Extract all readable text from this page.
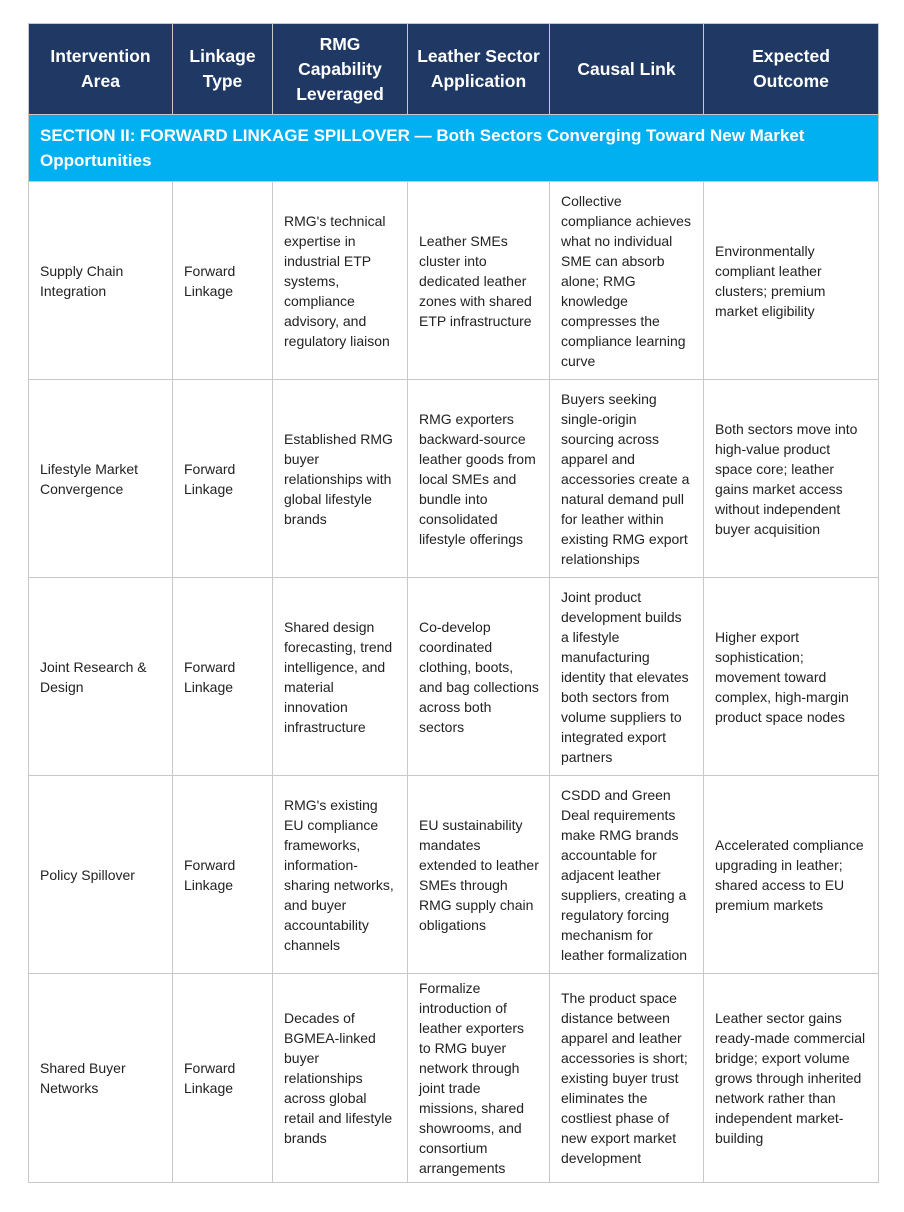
Intervention Area	Linkage Type	RMG Capability Leveraged	Leather Sector Application	Causal Link	Expected Outcome
SECTION II: FORWARD LINKAGE SPILLOVER — Both Sectors Converging Toward New Market Opportunities					
Supply Chain Integration	Forward Linkage	RMG's technical expertise in industrial ETP systems, compliance advisory, and regulatory liaison	Leather SMEs cluster into dedicated leather zones with shared ETP infrastructure	Collective compliance achieves what no individual SME can absorb alone; RMG knowledge compresses the compliance learning curve	Environmentally compliant leather clusters; premium market eligibility
Lifestyle Market Convergence	Forward Linkage	Established RMG buyer relationships with global lifestyle brands	RMG exporters backward-source leather goods from local SMEs and bundle into consolidated lifestyle offerings	Buyers seeking single-origin sourcing across apparel and accessories create a natural demand pull for leather within existing RMG export relationships	Both sectors move into high-value product space core; leather gains market access without independent buyer acquisition
Joint Research & Design	Forward Linkage	Shared design forecasting, trend intelligence, and material innovation infrastructure	Co-develop coordinated clothing, boots, and bag collections across both sectors	Joint product development builds a lifestyle manufacturing identity that elevates both sectors from volume suppliers to integrated export partners	Higher export sophistication; movement toward complex, high-margin product space nodes
Policy Spillover	Forward Linkage	RMG's existing EU compliance frameworks, information-sharing networks, and buyer accountability channels	EU sustainability mandates extended to leather SMEs through RMG supply chain obligations	CSDD and Green Deal requirements make RMG brands accountable for adjacent leather suppliers, creating a regulatory forcing mechanism for leather formalization	Accelerated compliance upgrading in leather; shared access to EU premium markets
Shared Buyer Networks	Forward Linkage	Decades of BGMEA-linked buyer relationships across global retail and lifestyle brands	Formalize introduction of leather exporters to RMG buyer network through joint trade missions, shared showrooms, and consortium arrangements	The product space distance between apparel and leather accessories is short; existing buyer trust eliminates the costliest phase of new export market development	Leather sector gains ready-made commercial bridge; export volume grows through inherited network rather than independent market-building
